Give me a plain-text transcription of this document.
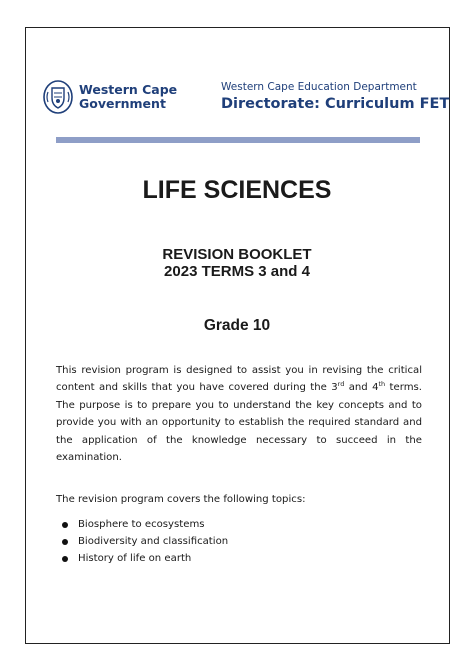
Western Cape
Government
Western Cape Education Department
Directorate: Curriculum FET
LIFE SCIENCES
REVISION BOOKLET
2023 TERMS 3 and 4
Grade 10
This revision program is designed to assist you in revising the critical content and skills that you have covered during the 3rd and 4th terms. The purpose is to prepare you to understand the key concepts and to provide you with an opportunity to establish the required standard and the application of the knowledge necessary to succeed in the examination.
The revision program covers the following topics:
Biosphere to ecosystems
Biodiversity and classification
History of life on earth
